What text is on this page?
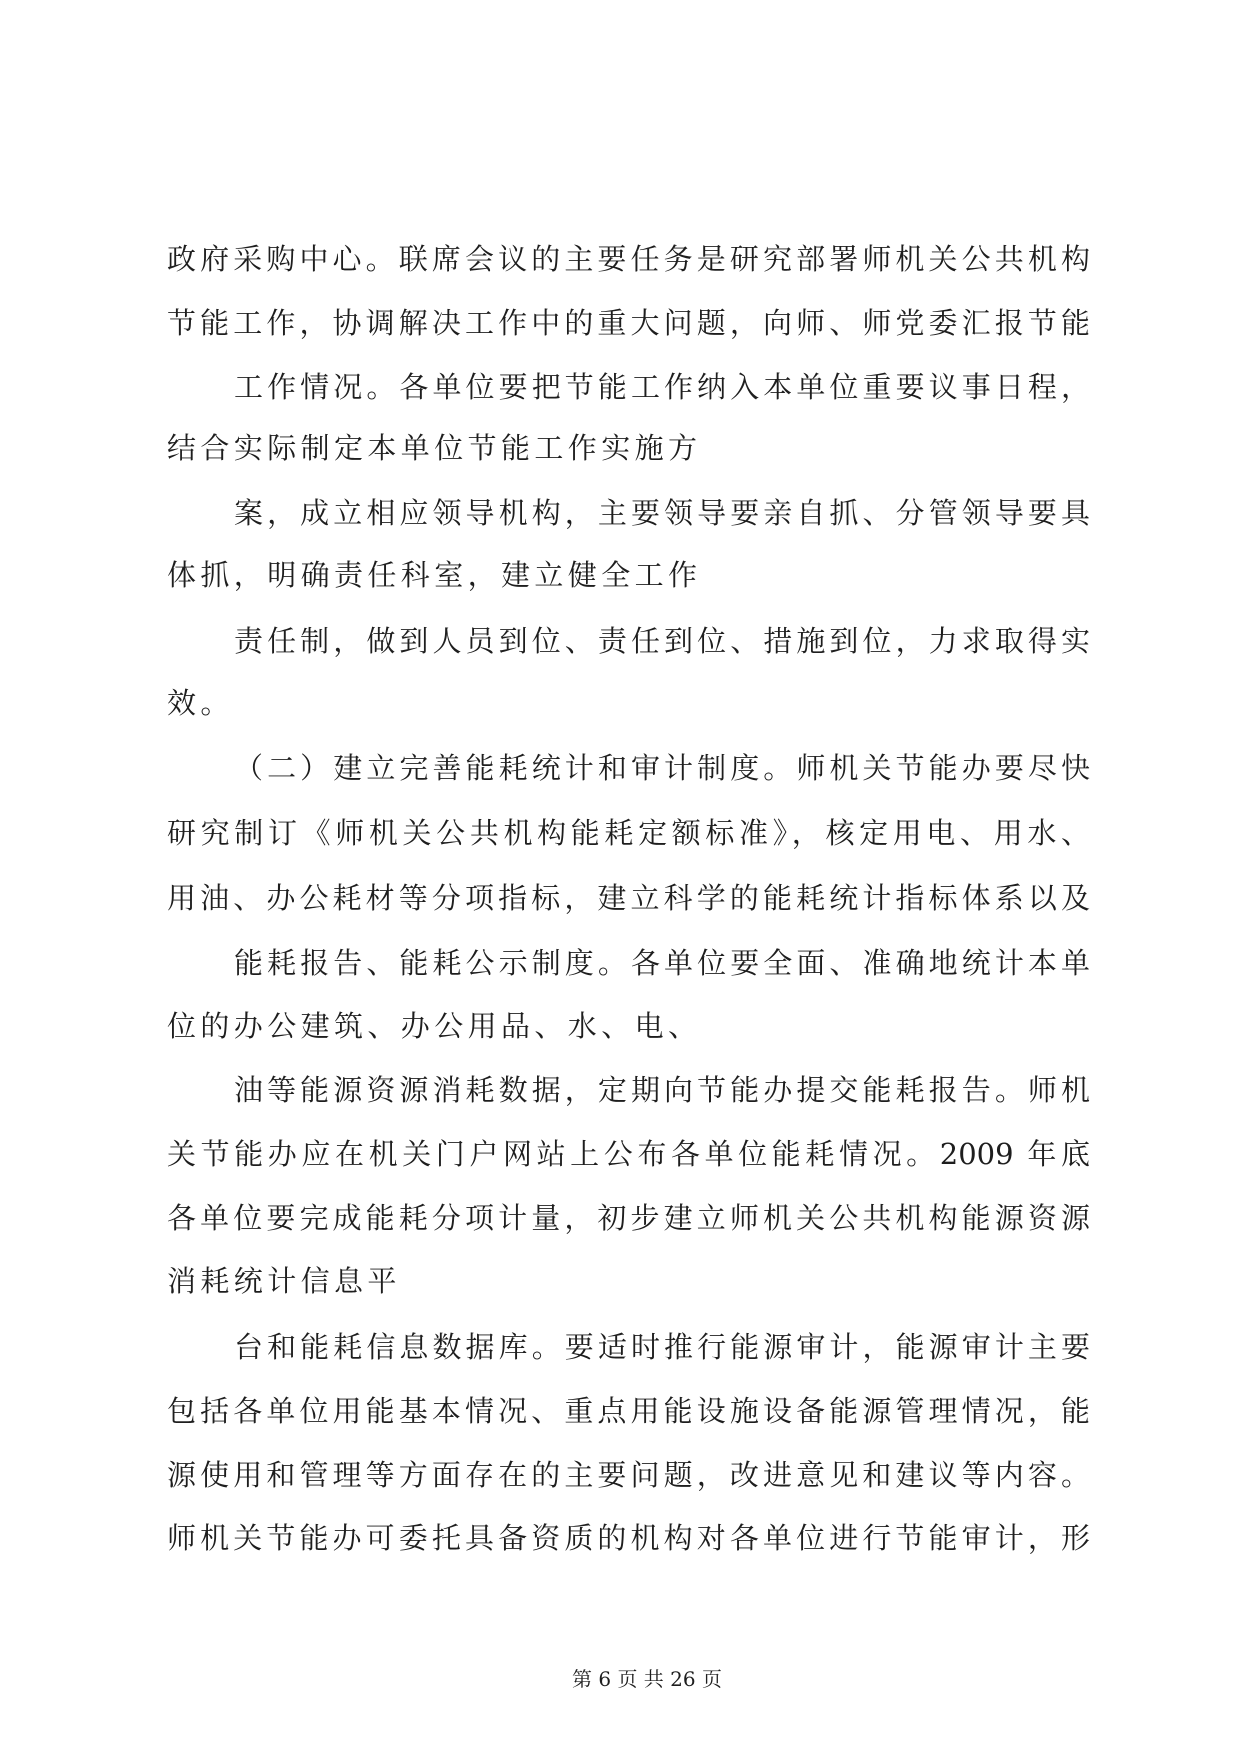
政府采购中心。联席会议的主要任务是研究部署师机关公共机构
节能工作，协调解决工作中的重大问题，向师、师党委汇报节能
工作情况。各单位要把节能工作纳入本单位重要议事日程，
结合实际制定本单位节能工作实施方
案，成立相应领导机构，主要领导要亲自抓、分管领导要具
体抓，明确责任科室，建立健全工作
责任制，做到人员到位、责任到位、措施到位，力求取得实
效。
（二）建立完善能耗统计和审计制度。师机关节能办要尽快
研究制订《师机关公共机构能耗定额标准》，核定用电、用水、
用油、办公耗材等分项指标，建立科学的能耗统计指标体系以及
能耗报告、能耗公示制度。各单位要全面、准确地统计本单
位的办公建筑、办公用品、水、电、
油等能源资源消耗数据，定期向节能办提交能耗报告。师机
关节能办应在机关门户网站上公布各单位能耗情况。2009 年底
各单位要完成能耗分项计量，初步建立师机关公共机构能源资源
消耗统计信息平
台和能耗信息数据库。要适时推行能源审计，能源审计主要
包括各单位用能基本情况、重点用能设施设备能源管理情况，能
源使用和管理等方面存在的主要问题，改进意见和建议等内容。
师机关节能办可委托具备资质的机构对各单位进行节能审计，形
第 6 页 共 26 页
